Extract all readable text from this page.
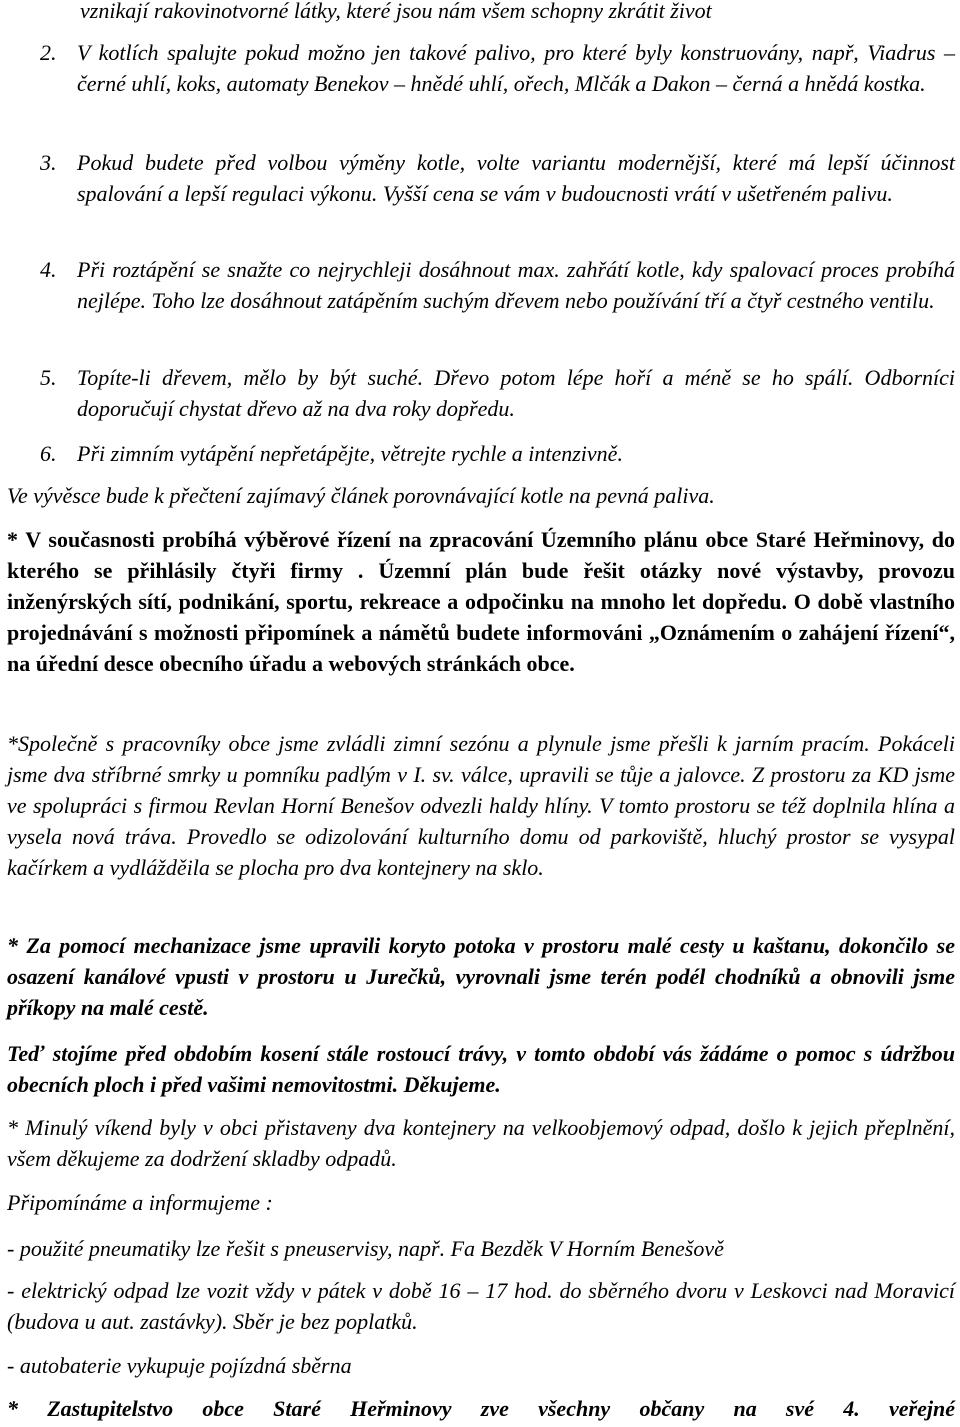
vznikají rakovinotvorné látky, které jsou nám všem schopny zkrátit život

2. V kotlích spalujte pokud možno jen takové palivo, pro které byly konstruovány, např, Viadrus – černé uhlí, koks, automaty Benekov – hnědé uhlí, ořech, Mlčák a Dakon – černá a hnědá kostka.
3. Pokud budete před volbou výměny kotle, volte variantu modernější, které má lepší účinnost spalování a lepší regulaci výkonu. Vyšší cena se vám v budoucnosti vrátí v ušetřeném palivu.
4. Při roztápění se snažte co nejrychleji dosáhnout max. zahřátí kotle, kdy spalovací proces probíhá nejlépe. Toho lze dosáhnout zatápěním suchým dřevem nebo používání tří a čtyř cestného ventilu.
5. Topíte-li dřevem, mělo by být suché. Dřevo potom lépe hoří a méně se ho spálí. Odborníci doporučují chystat dřevo až na dva roky dopředu.
6. Při zimním vytápění nepřetápějte, větrejte rychle a intenzivně.

Ve vývěsce bude k přečtení zajímavý článek porovnávající kotle na pevná paliva.

* V současnosti probíhá výběrové řízení na zpracování Územního plánu obce Staré Heřminovy, do kterého se přihlásily čtyři firmy . Územní plán bude řešit otázky nové výstavby, provozu inženýrských sítí, podnikání, sportu, rekreace a odpočinku na mnoho let dopředu. O době vlastního projednávání s možnosti připomínek a námětů budete informováni „Oznámením o zahájení řízení“, na úřední desce obecního úřadu a webových stránkách obce.

*Společně s pracovníky obce jsme zvládli zimní sezónu a plynule jsme přešli k jarním pracím. Pokáceli jsme dva stříbrné smrky u pomníku padlým v I. sv. válce, upravili se tůje a jalovce. Z prostoru za KD jsme ve spolupráci s firmou Revlan Horní Benešov odvezli haldy hlíny. V tomto prostoru se též doplnila hlína a vysela nová tráva. Provedlo se odizolování kulturního domu od parkoviště, hluchý prostor se vysypal kačírkem a vydlážděila se plocha pro dva kontejnery na sklo.

* Za pomocí mechanizace jsme upravili koryto potoka v prostoru malé cesty u kaštanu, dokončilo se osazení kanálové vpusti v prostoru u Jurečků, vyrovnali jsme terén podél chodníků a obnovili jsme příkopy na malé cestě.

Teď stojíme před obdobím kosení stále rostoucí trávy, v tomto období vás žádáme o pomoc s údržbou obecních ploch i před vašimi nemovitostmi. Děkujeme.

* Minulý víkend byly v obci přistaveny dva kontejnery na velkoobjemový odpad, došlo k jejich přeplnění, všem děkujeme za dodržení skladby odpadů.

Připomínáme a informujeme :

- použité pneumatiky lze řešit s pneuservisy, např. Fa Bezděk V Horním Benešově

- elektrický odpad lze vozit vždy v pátek v době 16 – 17 hod. do sběrného dvoru v Leskovci nad Moravicí (budova u aut. zastávky). Sběr je bez poplatků.

- autobaterie vykupuje pojízdná sběrna

* Zastupitelstvo obce Staré Heřminovy zve všechny občany na své 4. veřejné
